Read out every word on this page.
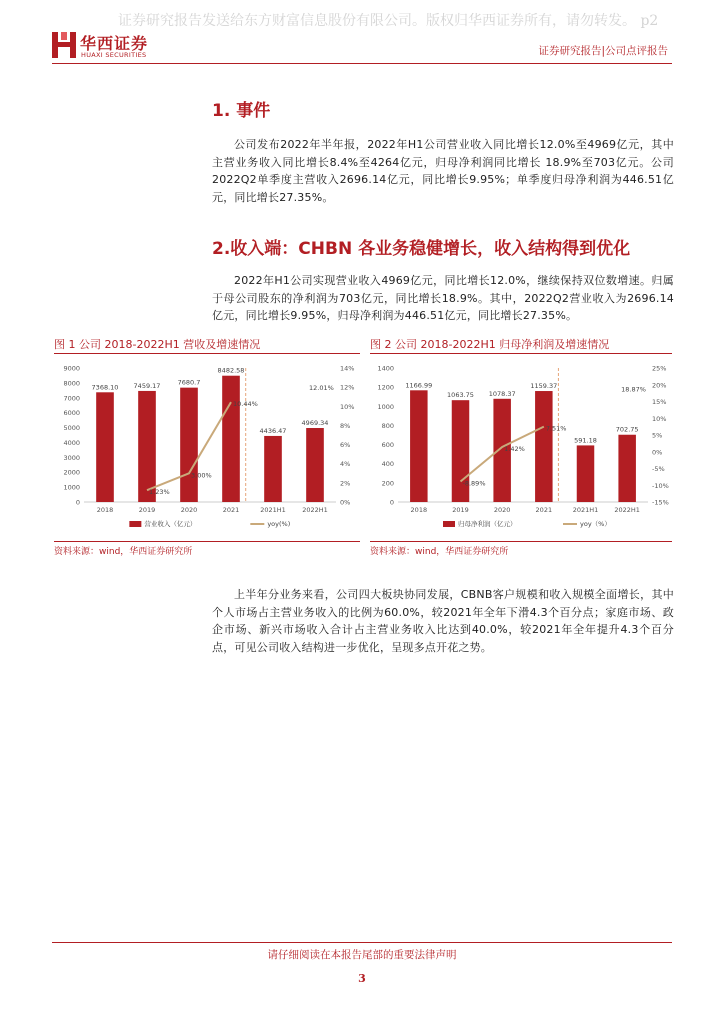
证券研究报告发送给东方财富信息股份有限公司。版权归华西证券所有，请勿转发。 p2
华西证券
HUAXI SECURITIES	证券研究报告|公司点评报告
1. 事件

公司发布2022年半年报，2022年H1公司营业收入同比增长12.0%至4969亿元，其中主营业务收入同比增长8.4%至4264亿元，归母净利润同比增长 18.9%至703亿元。公司2022Q2单季度主营收入2696.14亿元，同比增长9.95%；单季度归母净利润为446.51亿元，同比增长27.35%。

2.收入端：CHBN 各业务稳健增长，收入结构得到优化

2022年H1公司实现营业收入4969亿元，同比增长12.0%，继续保持双位数增速。归属于母公司股东的净利润为703亿元，同比增长18.9%。其中，2022Q2营业收入为2696.14亿元，同比增长9.95%，归母净利润为446.51亿元，同比增长27.35%。

图 1 公司 2018-2022H1 营收及增速情况
0
1000
2000
3000
4000
5000
6000
7000
8000
9000
0%
2%
4%
6%
8%
10%
12%
14%
7368.10 7459.17	7680.7
8482.58
4436.47
4969.34
2018	2019	2020	2021	2021H1	2022H1
1.23%
3.00%
10.44%
12.01%
营业收入（亿元）	yoy(%)
资料来源：wind，华西证券研究所
图 2 公司 2018-2022H1 归母净利润及增速情况
0
200
400
600
800
1000
1200
1400
-15%
-10%
-5%
0%
5%
10%
15%
20%
25%
1166.99
1063.75 1078.37
1159.37
591.18
702.75
2018	2019	2020	2021	2021H1 2022H1
-8.89%
1.42%
7.51%
18.87%
归母净利润（亿元）	yoy（%）
资料来源：wind，华西证券研究所

上半年分业务来看，公司四大板块协同发展，CBNB客户规模和收入规模全面增长，其中个人市场占主营业务收入的比例为60.0%，较2021年全年下滑4.3个百分点；家庭市场、政企市场、新兴市场收入合计占主营业务收入比达到40.0%，较2021年全年提升4.3个百分点，可见公司收入结构进一步优化，呈现多点开花之势。

请仔细阅读在本报告尾部的重要法律声明
3
